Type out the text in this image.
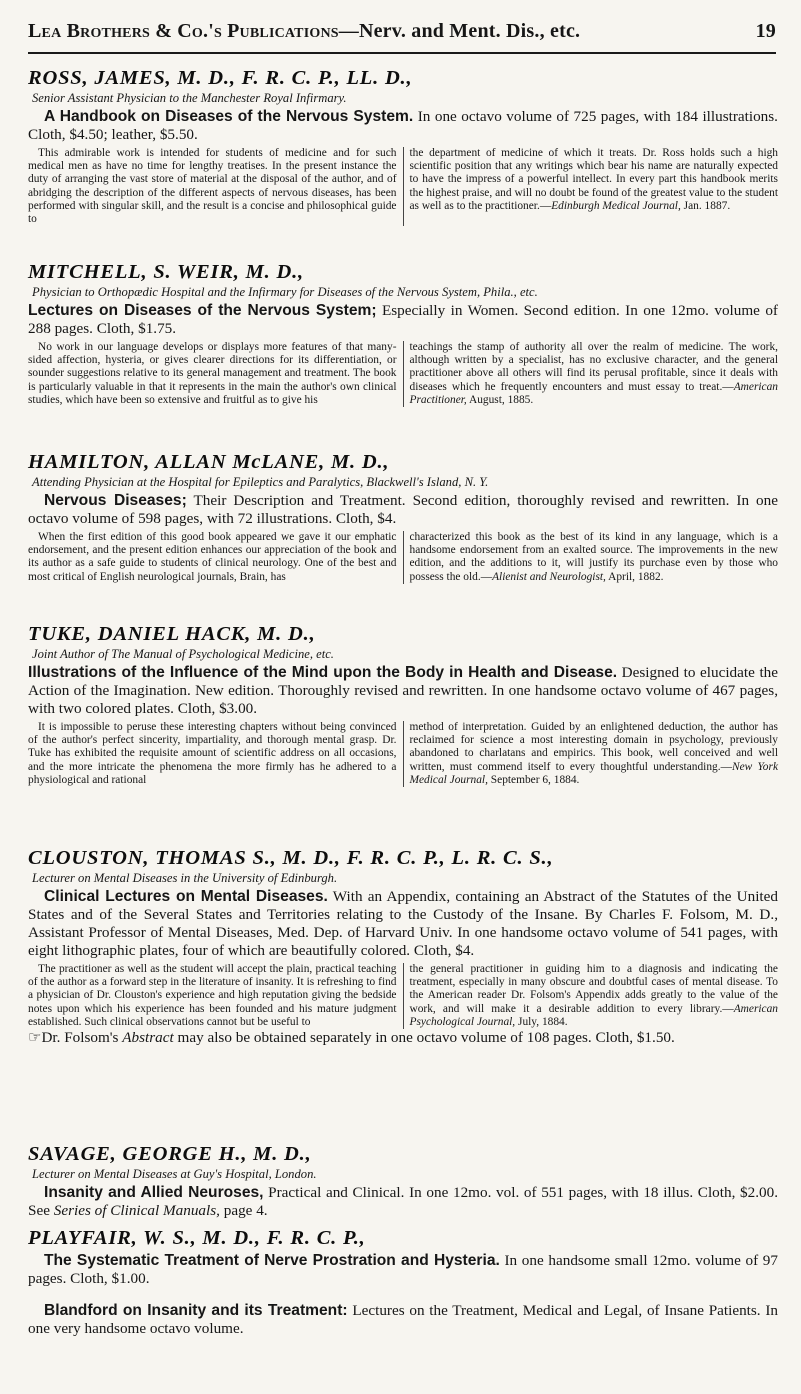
Lea Brothers & Co.'s Publications—Nerv. and Ment. Dis., etc.	19
ROSS, JAMES, M. D., F. R. C. P., LL. D.,
Senior Assistant Physician to the Manchester Royal Infirmary.
A Handbook on Diseases of the Nervous System. In one octavo volume of 725 pages, with 184 illustrations. Cloth, $4.50; leather, $5.50.
This admirable work is intended for students of medicine and for such medical men as have no time for lengthy treatises. In the present instance the duty of arranging the vast store of material at the disposal of the author, and of abridging the description of the different aspects of nervous diseases, has been performed with singular skill, and the result is a concise and philosophical guide to
the department of medicine of which it treats. Dr. Ross holds such a high scientific position that any writings which bear his name are naturally expected to have the impress of a powerful intellect. In every part this handbook merits the highest praise, and will no doubt be found of the greatest value to the student as well as to the practitioner.—Edinburgh Medical Journal, Jan. 1887.
MITCHELL, S. WEIR, M. D.,
Physician to Orthopædic Hospital and the Infirmary for Diseases of the Nervous System, Phila., etc.
Lectures on Diseases of the Nervous System; Especially in Women. Second edition. In one 12mo. volume of 288 pages. Cloth, $1.75.
No work in our language develops or displays more features of that many-sided affection, hysteria, or gives clearer directions for its differentiation, or sounder suggestions relative to its general management and treatment. The book is particularly valuable in that it represents in the main the author's own clinical studies, which have been so extensive and fruitful as to give his
teachings the stamp of authority all over the realm of medicine. The work, although written by a specialist, has no exclusive character, and the general practitioner above all others will find its perusal profitable, since it deals with diseases which he frequently encounters and must essay to treat.—American Practitioner, August, 1885.
HAMILTON, ALLAN McLANE, M. D.,
Attending Physician at the Hospital for Epileptics and Paralytics, Blackwell's Island, N. Y.
Nervous Diseases; Their Description and Treatment. Second edition, thoroughly revised and rewritten. In one octavo volume of 598 pages, with 72 illustrations. Cloth, $4.
When the first edition of this good book appeared we gave it our emphatic endorsement, and the present edition enhances our appreciation of the book and its author as a safe guide to students of clinical neurology. One of the best and most critical of English neurological journals, Brain, has
characterized this book as the best of its kind in any language, which is a handsome endorsement from an exalted source. The improvements in the new edition, and the additions to it, will justify its purchase even by those who possess the old.—Alienist and Neurologist, April, 1882.
TUKE, DANIEL HACK, M. D.,
Joint Author of The Manual of Psychological Medicine, etc.
Illustrations of the Influence of the Mind upon the Body in Health and Disease. Designed to elucidate the Action of the Imagination. New edition. Thoroughly revised and rewritten. In one handsome octavo volume of 467 pages, with two colored plates. Cloth, $3.00.
It is impossible to peruse these interesting chapters without being convinced of the author's perfect sincerity, impartiality, and thorough mental grasp. Dr. Tuke has exhibited the requisite amount of scientific address on all occasions, and the more intricate the phenomena the more firmly has he adhered to a physiological and rational
method of interpretation. Guided by an enlightened deduction, the author has reclaimed for science a most interesting domain in psychology, previously abandoned to charlatans and empirics. This book, well conceived and well written, must commend itself to every thoughtful understanding.—New York Medical Journal, September 6, 1884.
CLOUSTON, THOMAS S., M. D., F. R. C. P., L. R. C. S.,
Lecturer on Mental Diseases in the University of Edinburgh.
Clinical Lectures on Mental Diseases. With an Appendix, containing an Abstract of the Statutes of the United States and of the Several States and Territories relating to the Custody of the Insane. By Charles F. Folsom, M. D., Assistant Professor of Mental Diseases, Med. Dep. of Harvard Univ. In one handsome octavo volume of 541 pages, with eight lithographic plates, four of which are beautifully colored. Cloth, $4.
The practitioner as well as the student will accept the plain, practical teaching of the author as a forward step in the literature of insanity. It is refreshing to find a physician of Dr. Clouston's experience and high reputation giving the bedside notes upon which his experience has been founded and his mature judgment established. Such clinical observations cannot but be useful to
the general practitioner in guiding him to a diagnosis and indicating the treatment, especially in many obscure and doubtful cases of mental disease. To the American reader Dr. Folsom's Appendix adds greatly to the value of the work, and will make it a desirable addition to every library.—American Psychological Journal, July, 1884.
☞Dr. Folsom's Abstract may also be obtained separately in one octavo volume of 108 pages. Cloth, $1.50.
SAVAGE, GEORGE H., M. D.,
Lecturer on Mental Diseases at Guy's Hospital, London.
Insanity and Allied Neuroses, Practical and Clinical. In one 12mo. vol. of 551 pages, with 18 illus. Cloth, $2.00. See Series of Clinical Manuals, page 4.
PLAYFAIR, W. S., M. D., F. R. C. P.,
The Systematic Treatment of Nerve Prostration and Hysteria. In one handsome small 12mo. volume of 97 pages. Cloth, $1.00.
Blandford on Insanity and its Treatment: Lectures on the Treatment, Medical and Legal, of Insane Patients. In one very handsome octavo volume.
